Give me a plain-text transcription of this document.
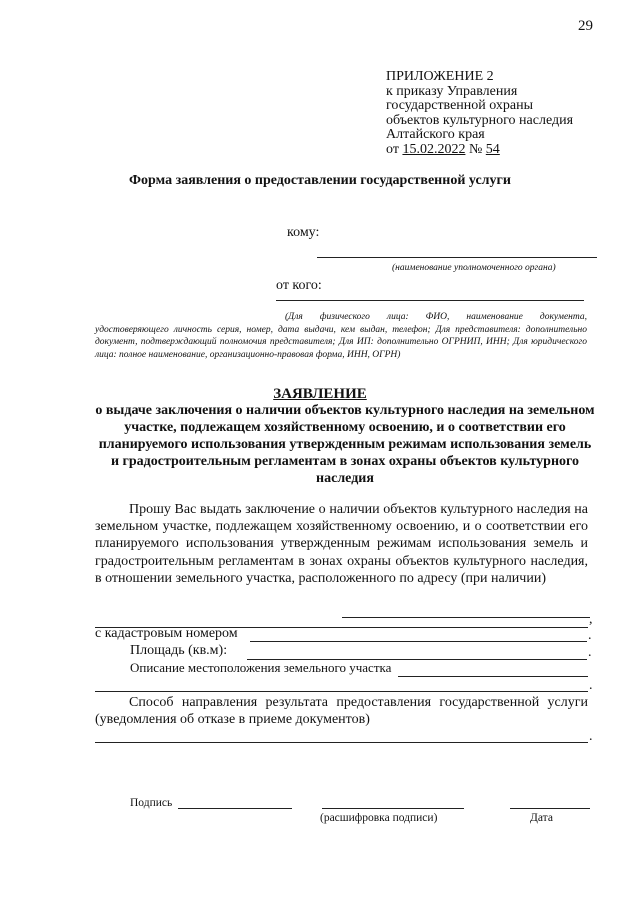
29
ПРИЛОЖЕНИЕ 2
к приказу Управления
государственной охраны
объектов культурного наследия
Алтайского края
от 15.02.2022 № 54
Форма заявления о предоставлении государственной услуги
кому:
(наименование уполномоченного органа)
от кого:
(Для физического лица: ФИО, наименование документа, удостоверяющего личность серия, номер, дата выдачи, кем выдан, телефон; Для представителя: дополнительно документ, подтверждающий полномочия представителя; Для ИП: дополнительно ОГРНИП, ИНН; Для юридического лица: полное наименование, организационно-правовая форма, ИНН, ОГРН)
ЗАЯВЛЕНИЕ
о выдаче заключения о наличии объектов культурного наследия на земельном участке, подлежащем хозяйственному освоению, и о соответствии его планируемого использования утвержденным режимам использования земель и градостроительным регламентам в зонах охраны объектов культурного наследия
Прошу Вас выдать заключение о наличии объектов культурного наследия на земельном участке, подлежащем хозяйственному освоению, и о соответствии его планируемого использования утвержденным режимам использования земель и градостроительным регламентам в зонах охраны объектов культурного наследия, в отношении земельного участка, расположенного по адресу (при наличии)
,
с кадастровым номером	.
Площадь (кв.м):	.
Описание местоположения земельного участка
.
Способ направления результата предоставления государственной услуги (уведомления об отказе в приеме документов)
.
Подпись
(расшифровка подписи)	Дата
